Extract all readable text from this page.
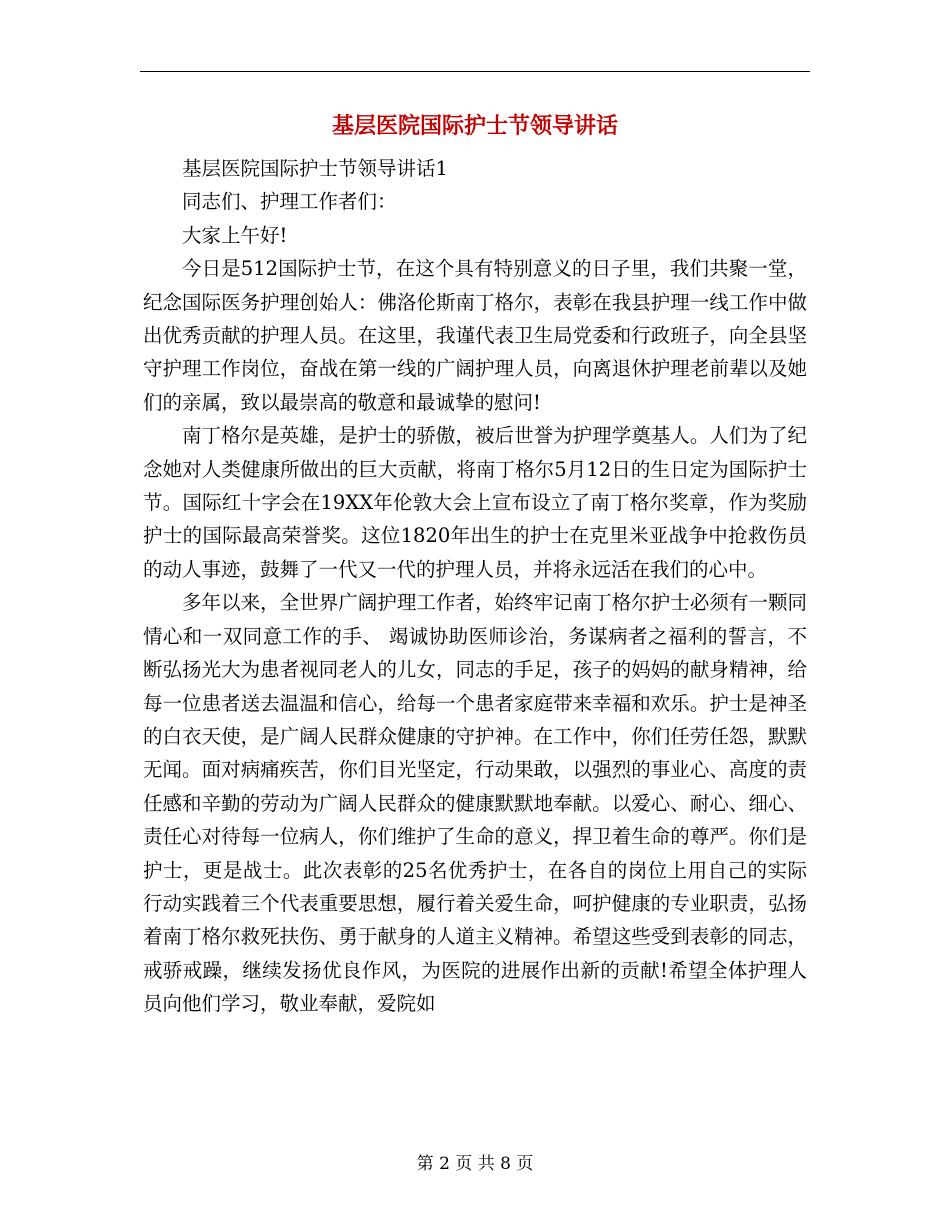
基层医院国际护士节领导讲话

基层医院国际护士节领导讲话1

同志们、护理工作者们：

大家上午好!

今日是512国际护士节，在这个具有特别意义的日子里，我们共聚一堂，纪念国际医务护理创始人：佛洛伦斯南丁格尔，表彰在我县护理一线工作中做出优秀贡献的护理人员。在这里，我谨代表卫生局党委和行政班子，向全县坚守护理工作岗位，奋战在第一线的广阔护理人员，向离退休护理老前辈以及她们的亲属，致以最崇高的敬意和最诚挚的慰问!

南丁格尔是英雄，是护士的骄傲，被后世誉为护理学奠基人。人们为了纪念她对人类健康所做出的巨大贡献，将南丁格尔5月12日的生日定为国际护士节。国际红十字会在19XX年伦敦大会上宣布设立了南丁格尔奖章，作为奖励护士的国际最高荣誉奖。这位1820年出生的护士在克里米亚战争中抢救伤员的动人事迹，鼓舞了一代又一代的护理人员，并将永远活在我们的心中。

多年以来，全世界广阔护理工作者，始终牢记南丁格尔护士必须有一颗同情心和一双同意工作的手、 竭诚协助医师诊治，务谋病者之福利的誓言，不断弘扬光大为患者视同老人的儿女，同志的手足，孩子的妈妈的献身精神，给每一位患者送去温温和信心，给每一个患者家庭带来幸福和欢乐。护士是神圣的白衣天使，是广阔人民群众健康的守护神。在工作中，你们任劳任怨，默默无闻。面对病痛疾苦，你们目光坚定，行动果敢，以强烈的事业心、高度的责任感和辛勤的劳动为广阔人民群众的健康默默地奉献。以爱心、耐心、细心、责任心对待每一位病人，你们维护了生命的意义，捍卫着生命的尊严。你们是护士，更是战士。此次表彰的25名优秀护士，在各自的岗位上用自己的实际行动实践着三个代表重要思想，履行着关爱生命，呵护健康的专业职责，弘扬着南丁格尔救死扶伤、勇于献身的人道主义精神。希望这些受到表彰的同志，戒骄戒躁，继续发扬优良作风，为医院的进展作出新的贡献!希望全体护理人员向他们学习，敬业奉献，爱院如

第 2 页 共 8 页
